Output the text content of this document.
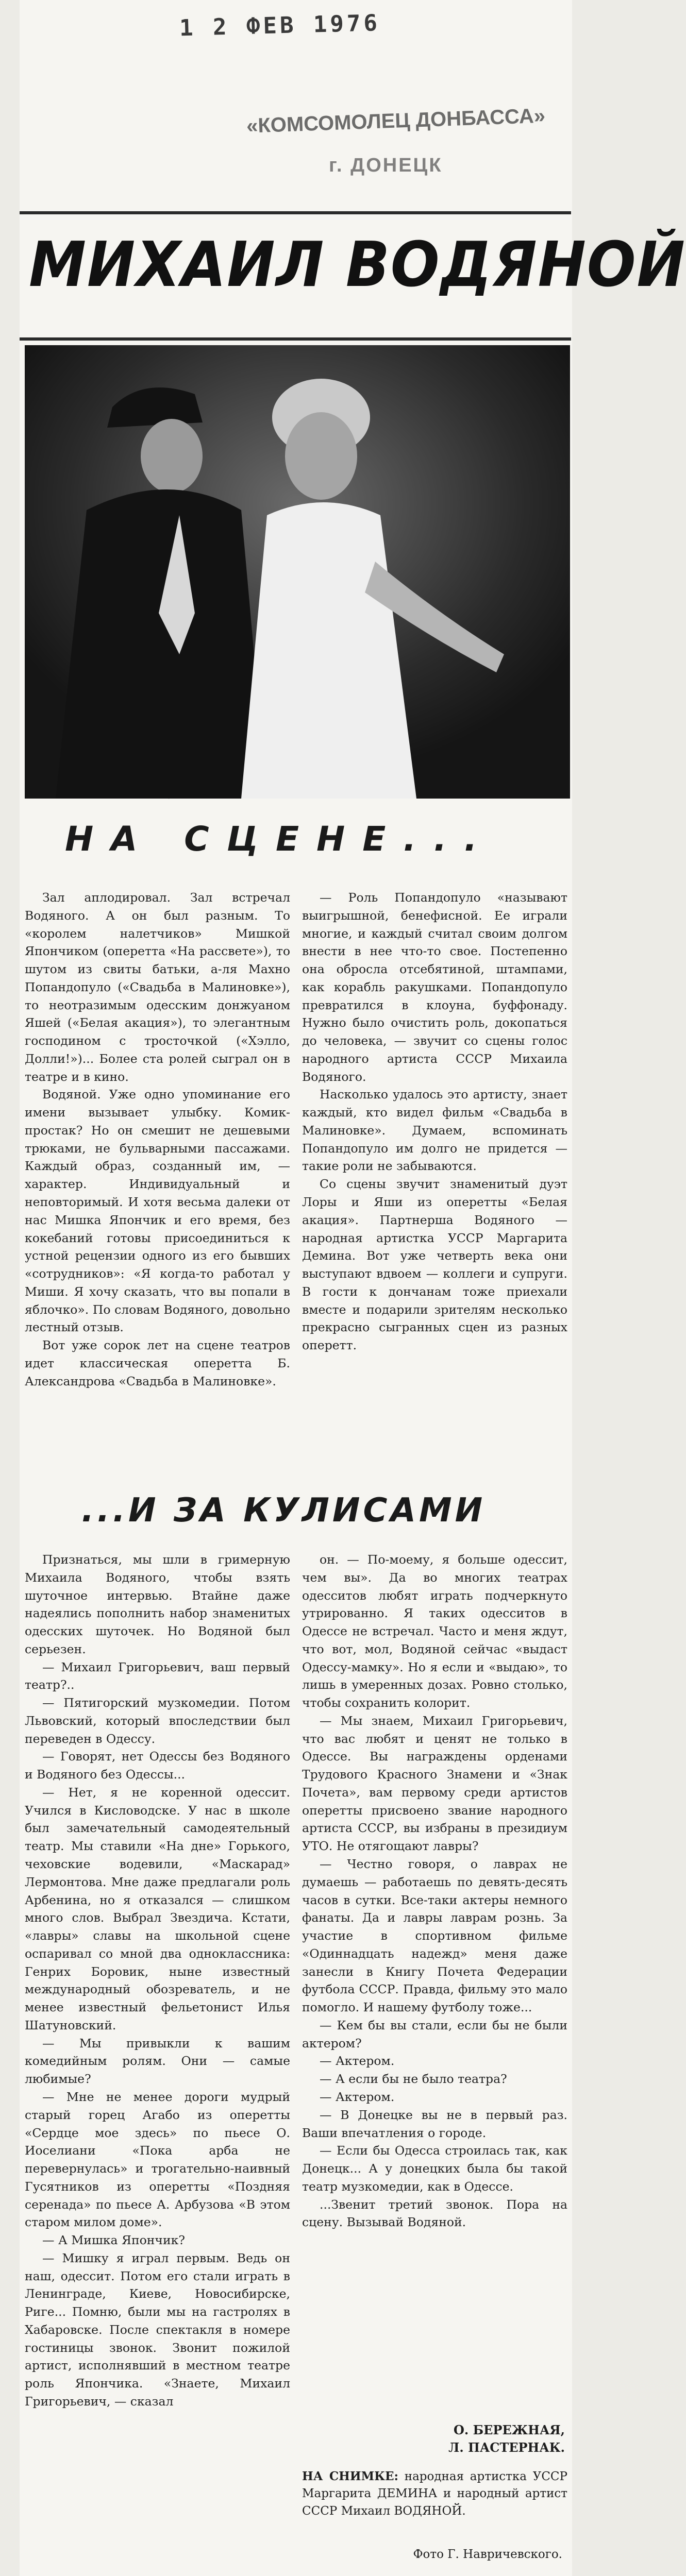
1 2 ФЕВ 1976
«КОМСОМОЛЕЦ ДОНБАССА»
г. ДОНЕЦК
МИХАИЛ ВОДЯНОЙ
НА СЦЕНЕ...

Зал аплодировал. Зал встречал Водяного. А он был разным. То «королем налетчиков» Мишкой Япончиком (оперетта «На рассвете»), то шутом из свиты батьки, а-ля Махно Попандопуло («Свадьба в Малиновке»), то неотразимым одесским донжуаном Яшей («Белая акация»), то элегантным господином с тросточкой («Хэлло, Долли!»)... Более ста ролей сыграл он в театре и в кино.

Водяной. Уже одно упоминание его имени вызывает улыбку. Комик-простак? Но он смешит не дешевыми трюками, не бульварными пассажами. Каждый образ, созданный им, — характер. Индивидуальный и неповторимый. И хотя весьма далеки от нас Мишка Япончик и его время, без кокебаний готовы присоединиться к устной рецензии одного из его бывших «сотрудников»: «Я когда-то работал у Миши. Я хочу сказать, что вы попали в яблочко». По словам Водяного, довольно лестный отзыв.

Вот уже сорок лет на сцене театров идет классическая оперетта Б. Александрова «Свадьба в Малиновке».

— Роль Попандопуло «называют выигрышной, бенефисной. Ее играли многие, и каждый считал своим долгом внести в нее что-то свое. Постепенно она обросла отсебятиной, штампами, как корабль ракушками. Попандопуло превратился в клоуна, буффонаду. Нужно было очистить роль, докопаться до человека, — звучит со сцены голос народного артиста СССР Михаила Водяного.

Насколько удалось это артисту, знает каждый, кто видел фильм «Свадьба в Малиновке». Думаем, вспоминать Попандопуло им долго не придется — такие роли не забываются.

Со сцены звучит знаменитый дуэт Лоры и Яши из оперетты «Белая акация». Партнерша Водяного — народная артистка УССР Маргарита Демина. Вот уже четверть века они выступают вдвоем — коллеги и супруги. В гости к дончанам тоже приехали вместе и подарили зрителям несколько прекрасно сыгранных сцен из разных оперетт.

...И ЗА КУЛИСАМИ

Признаться, мы шли в гримерную Михаила Водяного, чтобы взять шуточное интервью. Втайне даже надеялись пополнить набор знаменитых одесских шуточек. Но Водяной был серьезен.

— Михаил Григорьевич, ваш первый театр?..

— Пятигорский музкомедии. Потом Львовский, который впоследствии был переведен в Одессу.

— Говорят, нет Одессы без Водяного и Водяного без Одессы...

— Нет, я не коренной одессит. Учился в Кисловодске. У нас в школе был замечательный самодеятельный театр. Мы ставили «На дне» Горького, чеховские водевили, «Маскарад» Лермонтова. Мне даже предлагали роль Арбенина, но я отказался — слишком много слов. Выбрал Звездича. Кстати, «лавры» славы на школьной сцене оспаривал со мной два одноклассника: Генрих Боровик, ныне известный международный обозреватель, и не менее известный фельетонист Илья Шатуновский.

— Мы привыкли к вашим комедийным ролям. Они — самые любимые?

— Мне не менее дороги мудрый старый горец Агабо из оперетты «Сердце мое здесь» по пьесе О. Иоселиани «Пока арба не перевернулась» и трогательно-наивный Гусятников из оперетты «Поздняя серенада» по пьесе А. Арбузова «В этом старом милом доме».

— А Мишка Япончик?

— Мишку я играл первым. Ведь он наш, одессит. Потом его стали играть в Ленинграде, Киеве, Новосибирске, Риге... Помню, были мы на гастролях в Хабаровске. После спектакля в номере гостиницы звонок. Звонит пожилой артист, исполнявший в местном театре роль Япончика. «Знаете, Михаил Григорьевич, — сказал

он. — По-моему, я больше одессит, чем вы». Да во многих театрах одесситов любят играть подчеркнуто утрированно. Я таких одесситов в Одессе не встречал. Часто и меня ждут, что вот, мол, Водяной сейчас «выдаст Одессу-мамку». Но я если и «выдаю», то лишь в умеренных дозах. Ровно столько, чтобы сохранить колорит.

— Мы знаем, Михаил Григорьевич, что вас любят и ценят не только в Одессе. Вы награждены орденами Трудового Красного Знамени и «Знак Почета», вам первому среди артистов оперетты присвоено звание народного артиста СССР, вы избраны в президиум УТО. Не отягощают лавры?

— Честно говоря, о лаврах не думаешь — работаешь по девять-десять часов в сутки. Все-таки актеры немного фанаты. Да и лавры лаврам рознь. За участие в спортивном фильме «Одиннадцать надежд» меня даже занесли в Книгу Почета Федерации футбола СССР. Правда, фильму это мало помогло. И нашему футболу тоже...

— Кем бы вы стали, если бы не были актером?

— Актером.

— А если бы не было театра?

— Актером.

— В Донецке вы не в первый раз. Ваши впечатления о городе.

— Если бы Одесса строилась так, как Донецк... А у донецких была бы такой театр музкомедии, как в Одессе.

...Звенит третий звонок. Пора на сцену. Вызывай Водяной.

О. БЕРЕЖНАЯ,
Л. ПАСТЕРНАК.
НА СНИМКЕ: народная артистка УССР Маргарита ДЕМИНА и народный артист СССР Михаил ВОДЯНОЙ.
Фото Г. Навричевского.
